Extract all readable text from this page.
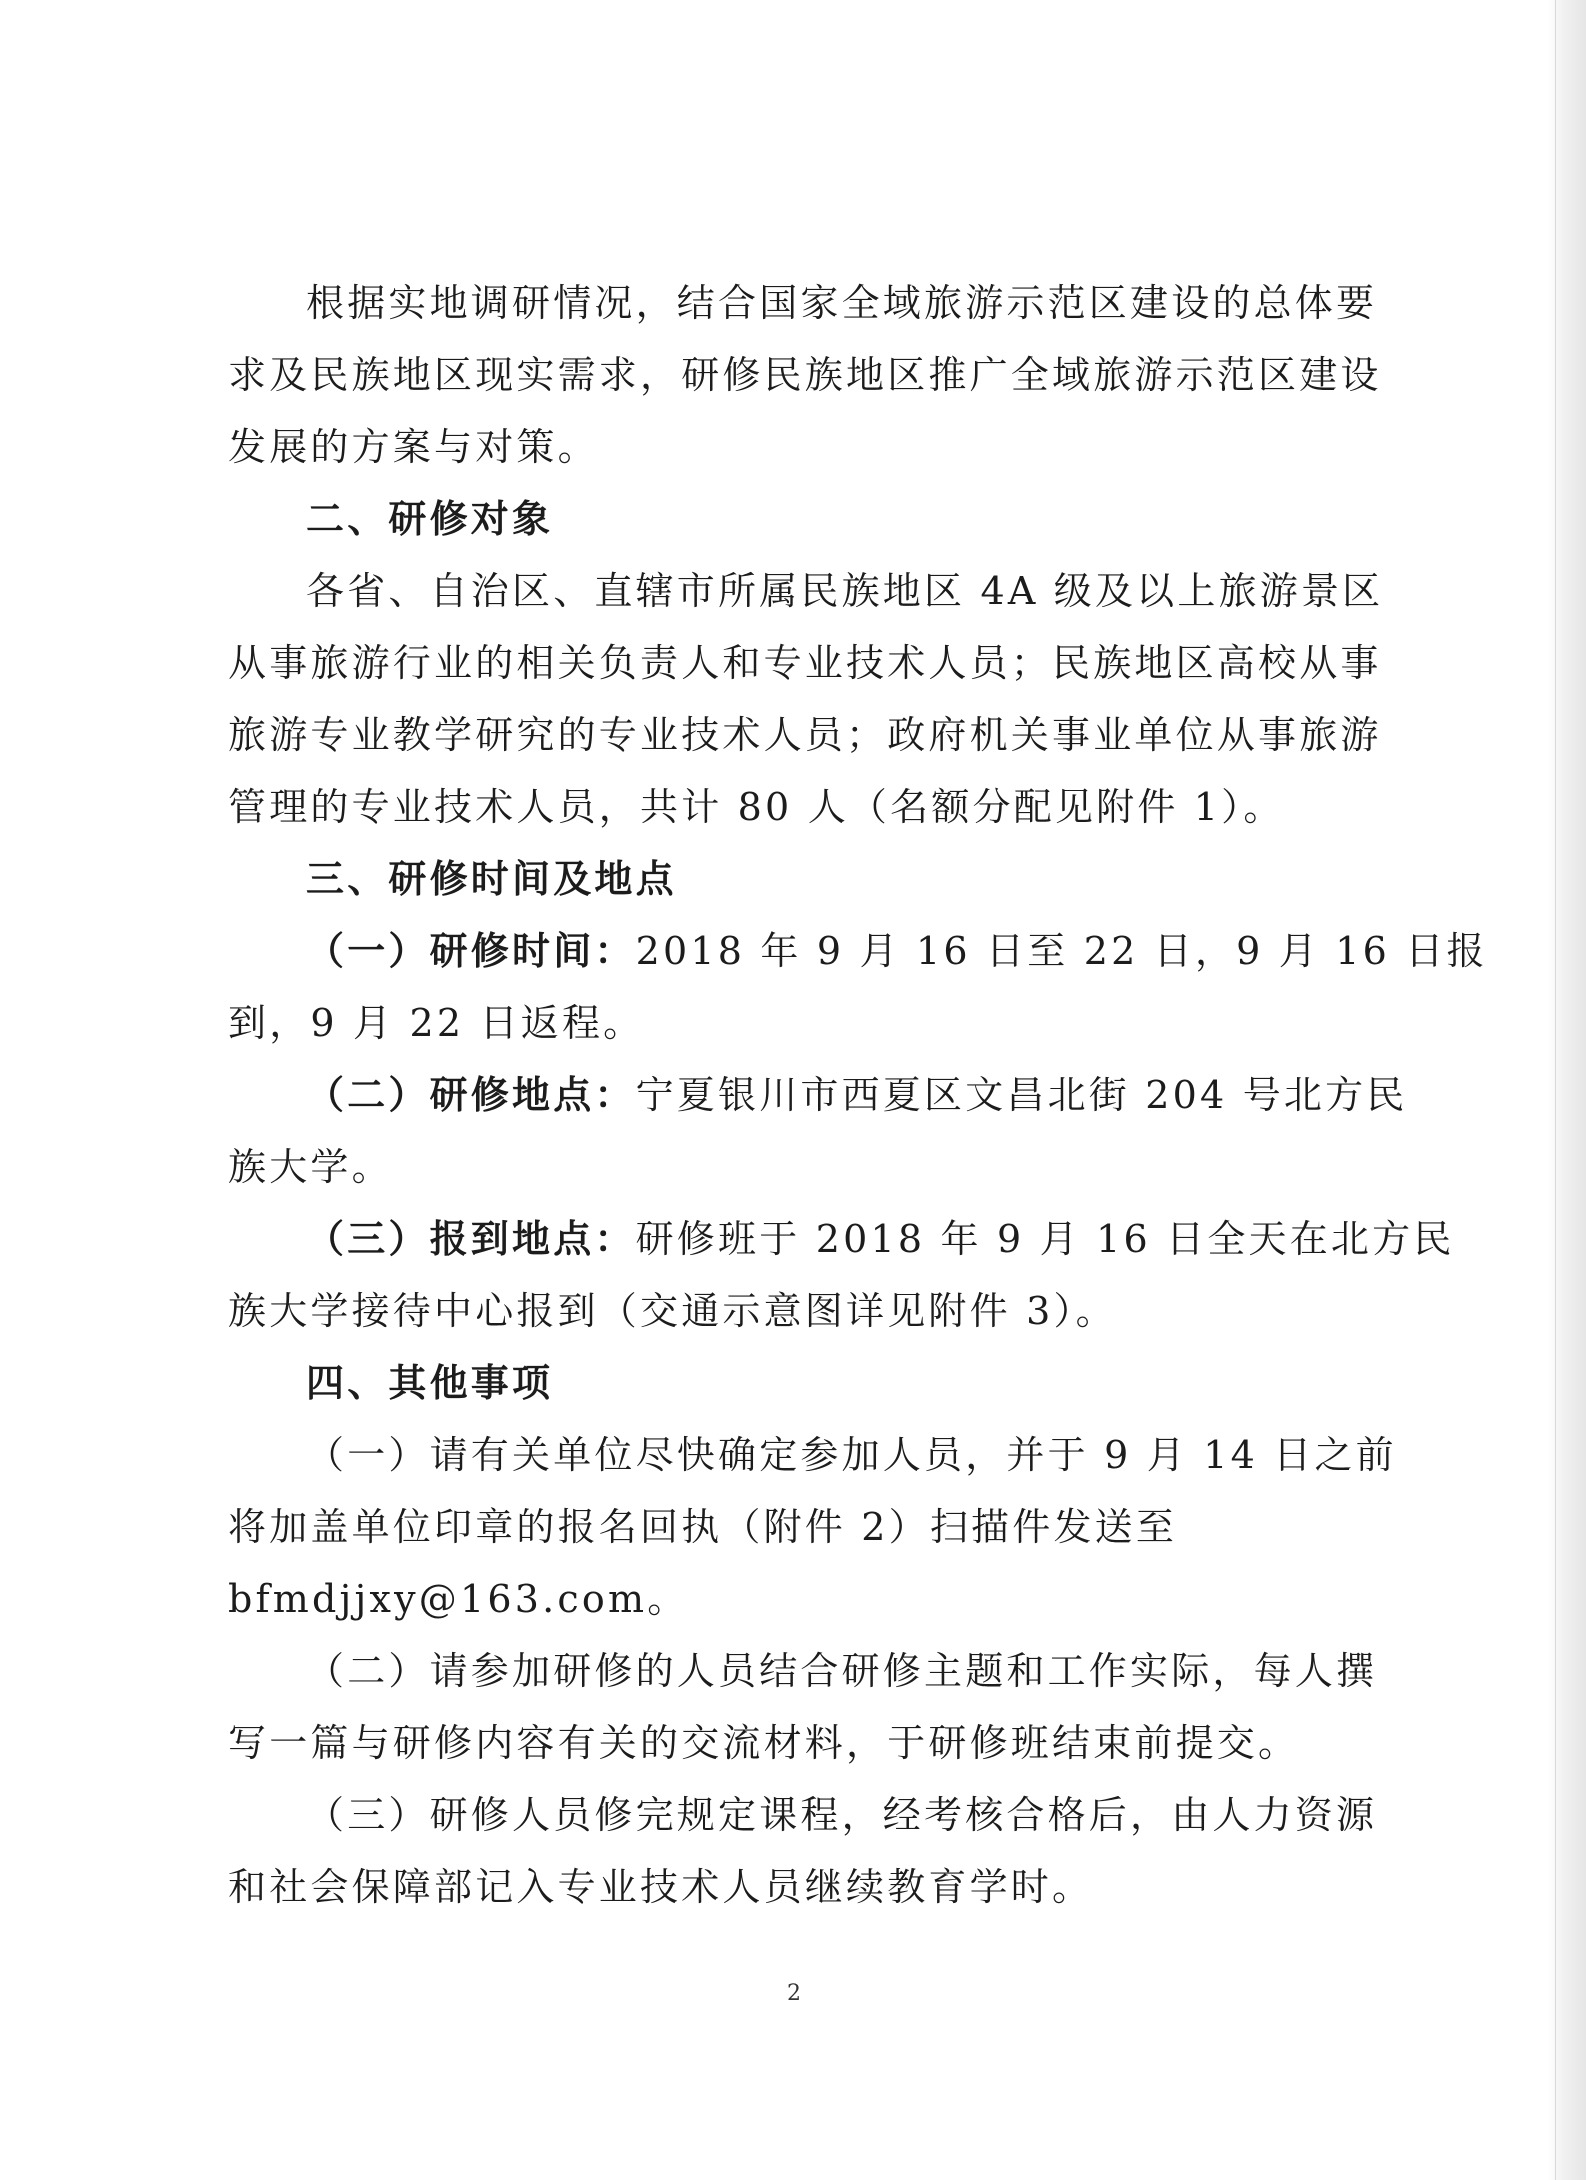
根据实地调研情况，结合国家全域旅游示范区建设的总体要

求及民族地区现实需求，研修民族地区推广全域旅游示范区建设

发展的方案与对策。

二、研修对象

各省、自治区、直辖市所属民族地区 4A 级及以上旅游景区

从事旅游行业的相关负责人和专业技术人员；民族地区高校从事

旅游专业教学研究的专业技术人员；政府机关事业单位从事旅游

管理的专业技术人员，共计 80 人（名额分配见附件 1）。

三、研修时间及地点

（一）研修时间：2018 年 9 月 16 日至 22 日，9 月 16 日报

到，9 月 22 日返程。

（二）研修地点：宁夏银川市西夏区文昌北街 204 号北方民

族大学。

（三）报到地点：研修班于 2018 年 9 月 16 日全天在北方民

族大学接待中心报到（交通示意图详见附件 3）。

四、其他事项

（一）请有关单位尽快确定参加人员，并于 9 月 14 日之前

将加盖单位印章的报名回执（附件 2）扫描件发送至

bfmdjjxy@163.com。

（二）请参加研修的人员结合研修主题和工作实际，每人撰

写一篇与研修内容有关的交流材料，于研修班结束前提交。

（三）研修人员修完规定课程，经考核合格后，由人力资源

和社会保障部记入专业技术人员继续教育学时。

2
